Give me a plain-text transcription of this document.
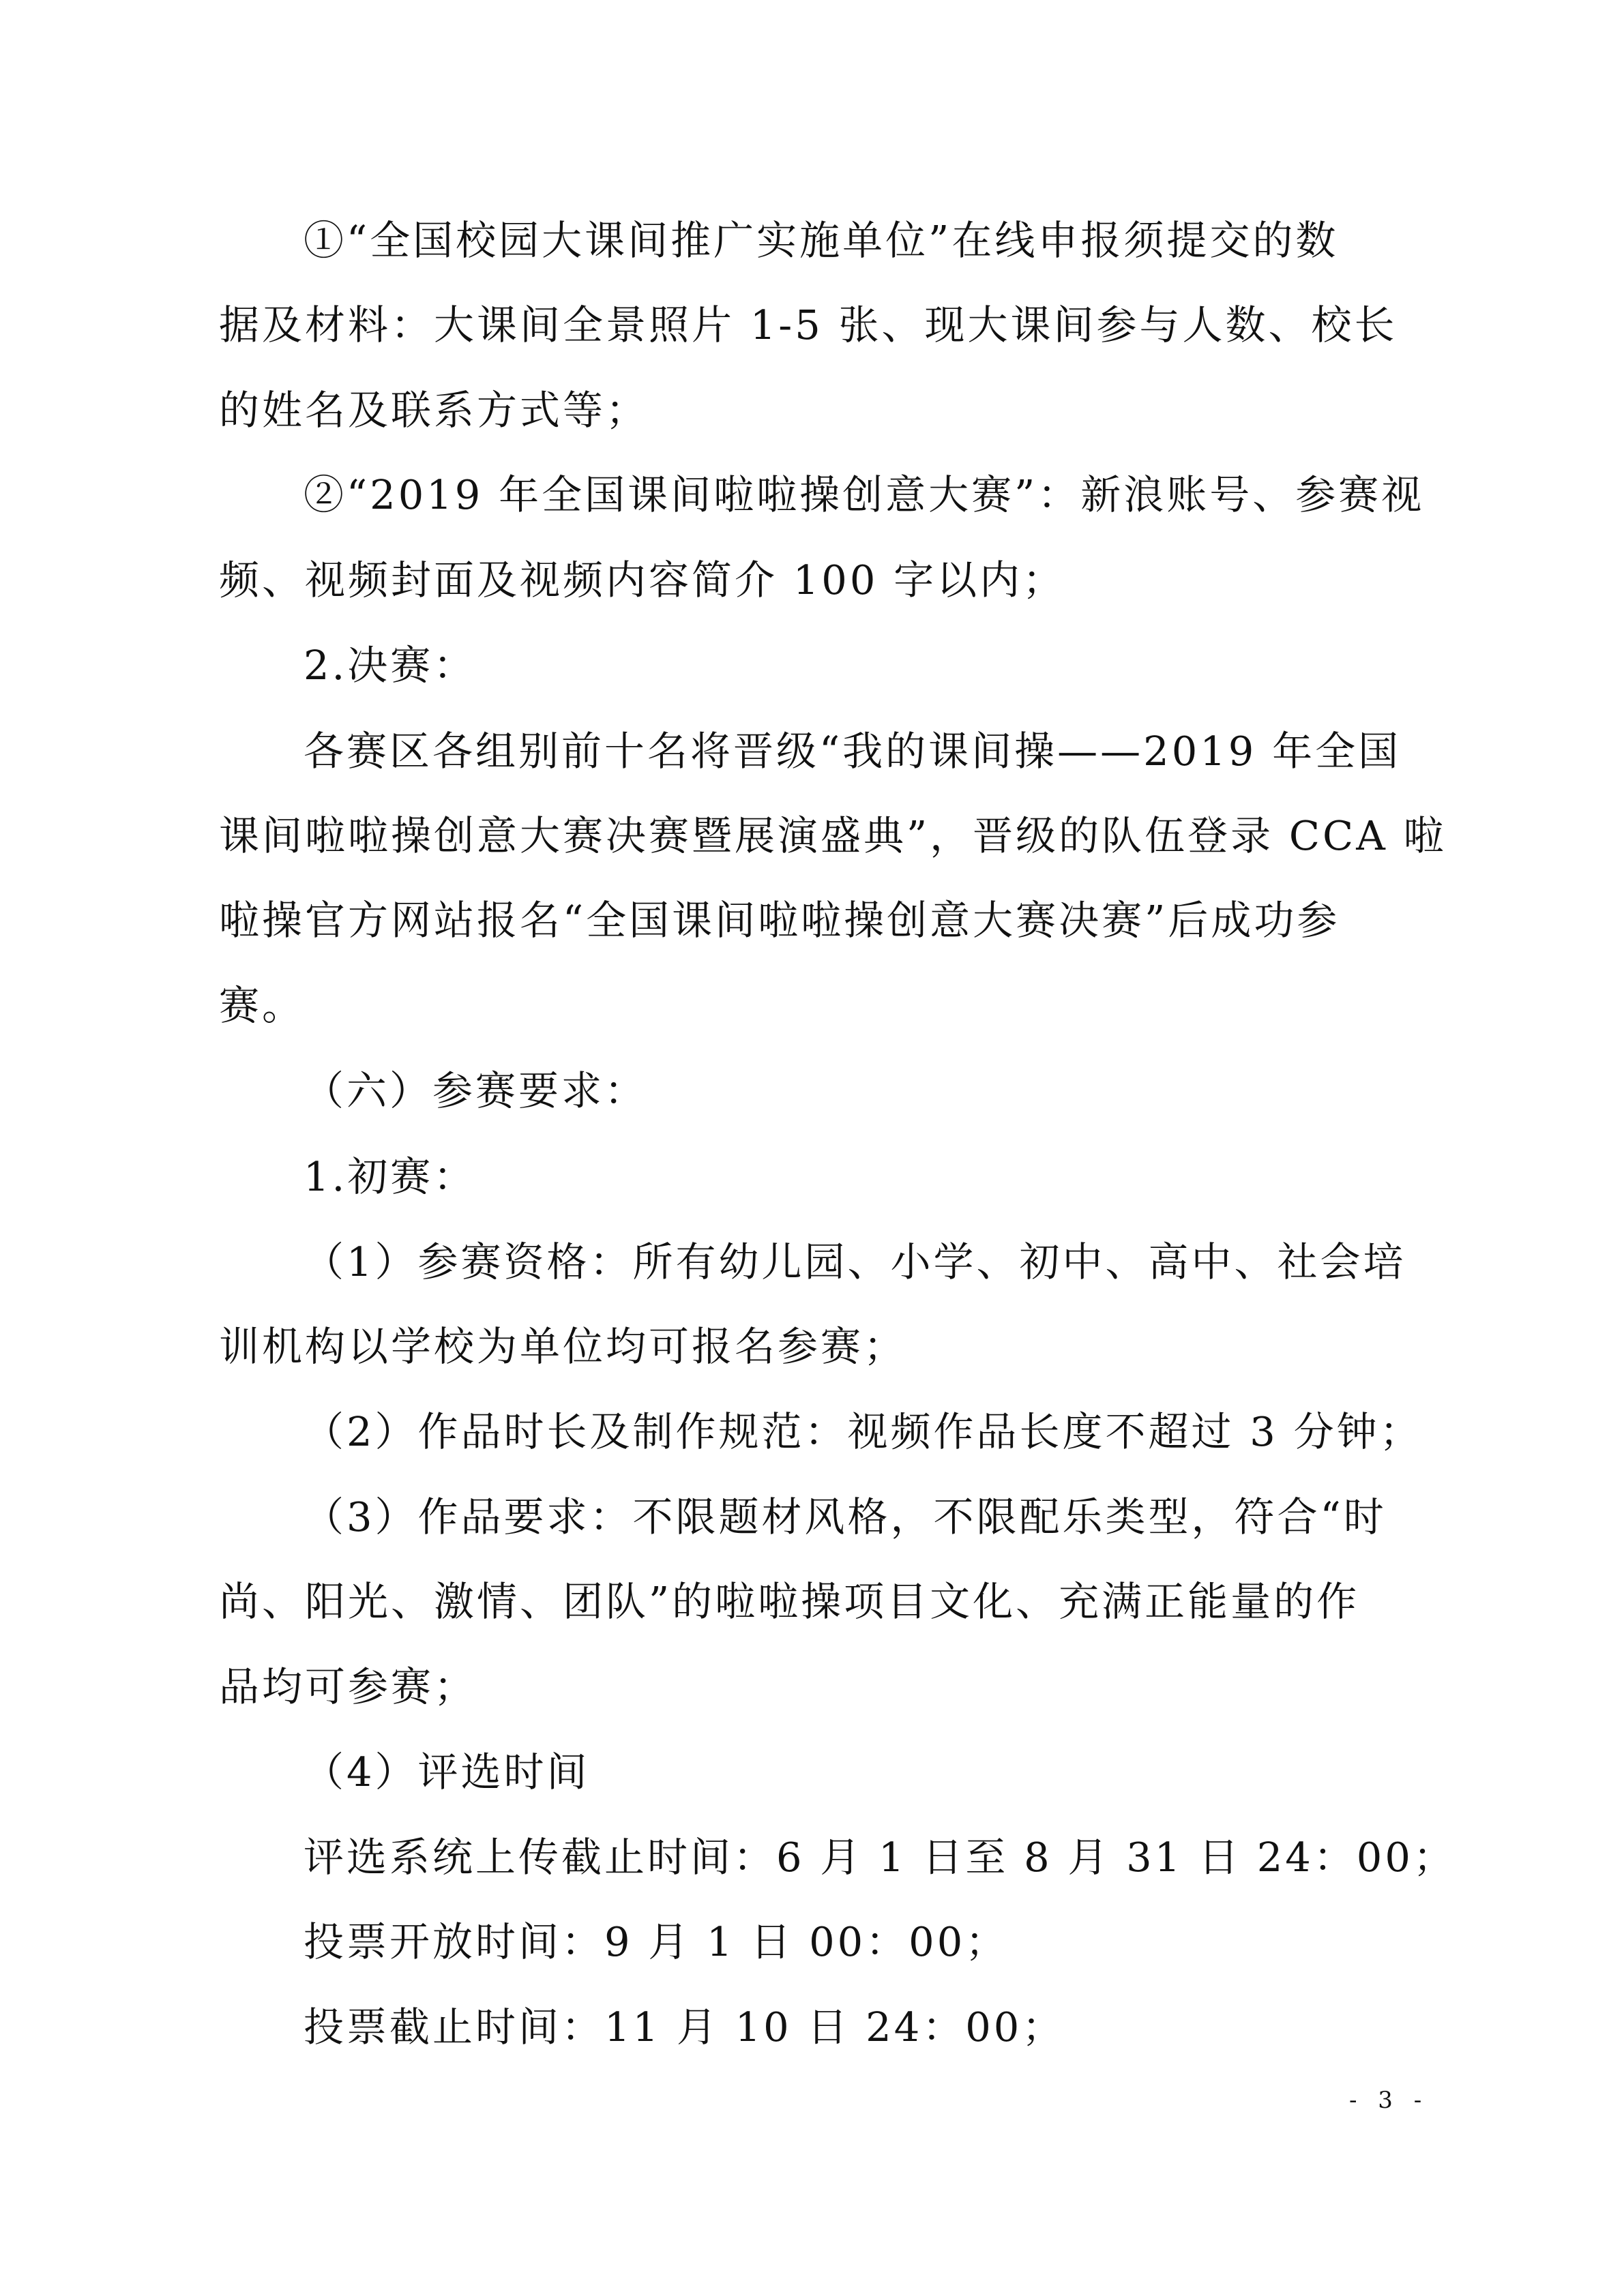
①“全国校园大课间推广实施单位”在线申报须提交的数
据及材料：大课间全景照片 1-5 张、现大课间参与人数、校长
的姓名及联系方式等；
②“2019 年全国课间啦啦操创意大赛”：新浪账号、参赛视
频、视频封面及视频内容简介 100 字以内；
2.决赛：
各赛区各组别前十名将晋级“我的课间操——2019 年全国
课间啦啦操创意大赛决赛暨展演盛典”，晋级的队伍登录 CCA 啦
啦操官方网站报名“全国课间啦啦操创意大赛决赛”后成功参
赛。
（六）参赛要求：
1.初赛：
（1）参赛资格：所有幼儿园、小学、初中、高中、社会培
训机构以学校为单位均可报名参赛；
（2）作品时长及制作规范：视频作品长度不超过 3 分钟；
（3）作品要求：不限题材风格，不限配乐类型，符合“时
尚、阳光、激情、团队”的啦啦操项目文化、充满正能量的作
品均可参赛；
（4）评选时间
评选系统上传截止时间：6 月 1 日至 8 月 31 日 24：00；
投票开放时间：9 月 1 日 00：00；
投票截止时间：11 月 10 日 24：00；
- 3 -
